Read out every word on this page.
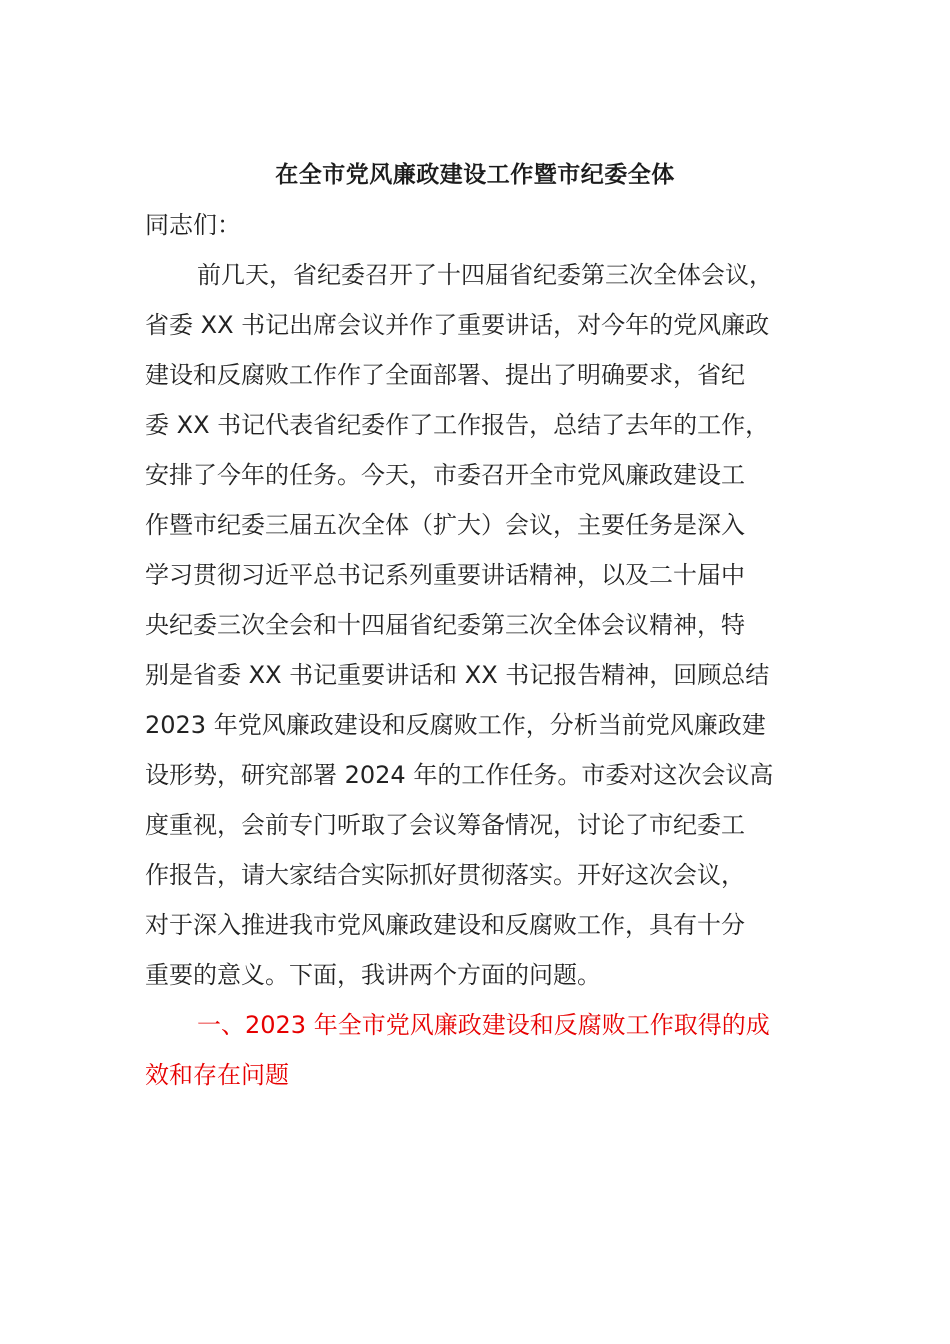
在全市党风廉政建设工作暨市纪委全体
同志们：
前几天，省纪委召开了十四届省纪委第三次全体会议，
省委 XX 书记出席会议并作了重要讲话，对今年的党风廉政
建设和反腐败工作作了全面部署、提出了明确要求，省纪
委 XX 书记代表省纪委作了工作报告，总结了去年的工作，
安排了今年的任务。今天，市委召开全市党风廉政建设工
作暨市纪委三届五次全体（扩大）会议，主要任务是深入
学习贯彻习近平总书记系列重要讲话精神，以及二十届中
央纪委三次全会和十四届省纪委第三次全体会议精神，特
别是省委 XX 书记重要讲话和 XX 书记报告精神，回顾总结
2023 年党风廉政建设和反腐败工作，分析当前党风廉政建
设形势，研究部署 2024 年的工作任务。市委对这次会议高
度重视，会前专门听取了会议筹备情况，讨论了市纪委工
作报告，请大家结合实际抓好贯彻落实。开好这次会议，
对于深入推进我市党风廉政建设和反腐败工作，具有十分
重要的意义。下面，我讲两个方面的问题。
一、2023 年全市党风廉政建设和反腐败工作取得的成
效和存在问题
